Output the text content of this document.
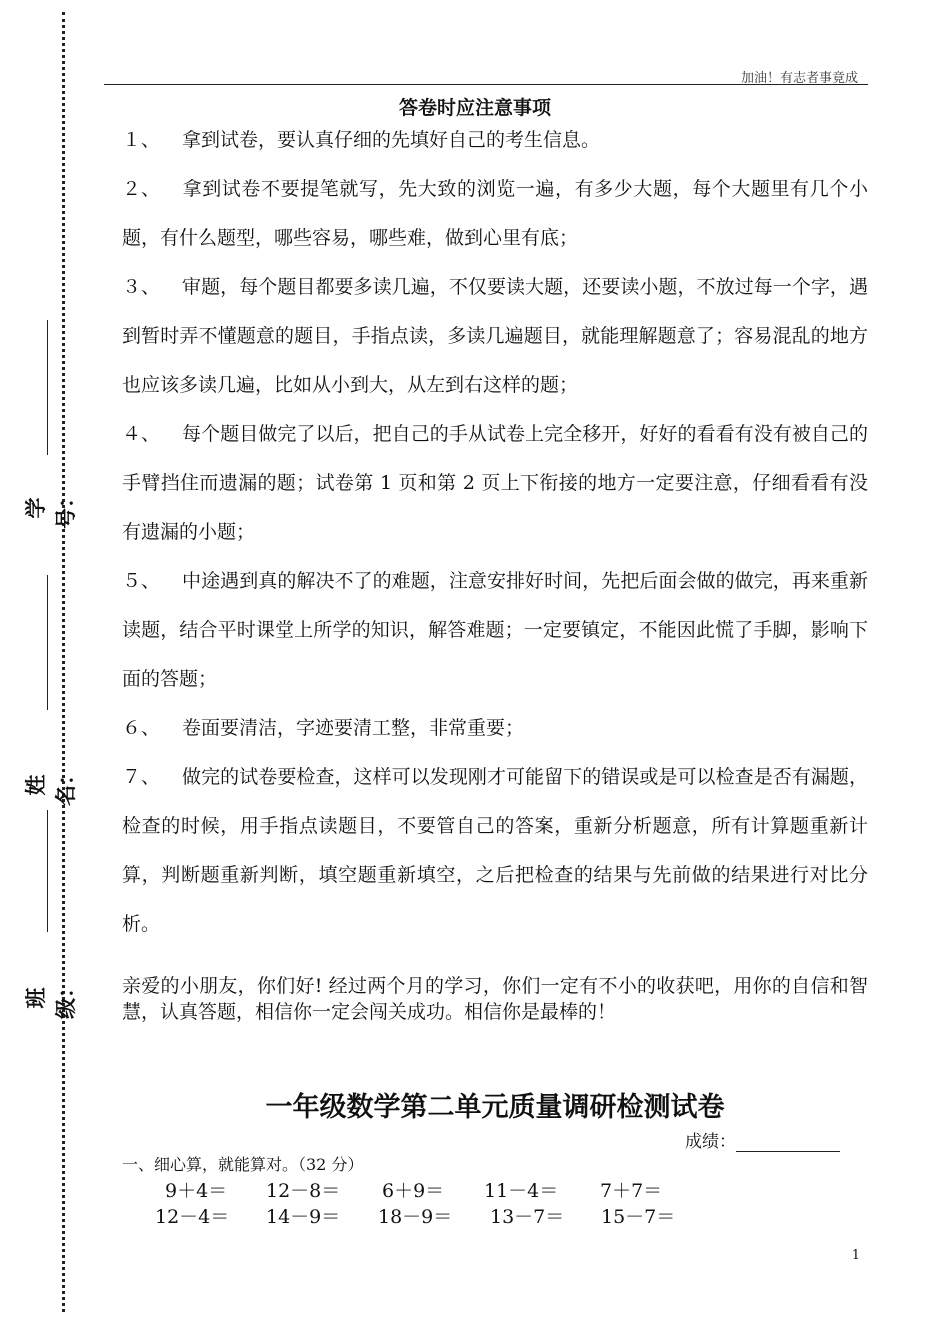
学号：
姓名：
班级：
加油！有志者事竟成
答卷时应注意事项

１、 拿到试卷，要认真仔细的先填好自己的考生信息。

２、 拿到试卷不要提笔就写，先大致的浏览一遍，有多少大题，每个大题里有几个小题，有什么题型，哪些容易，哪些难，做到心里有底；

３、 审题，每个题目都要多读几遍，不仅要读大题，还要读小题，不放过每一个字，遇到暂时弄不懂题意的题目，手指点读，多读几遍题目，就能理解题意了；容易混乱的地方也应该多读几遍，比如从小到大，从左到右这样的题；

４、 每个题目做完了以后，把自己的手从试卷上完全移开，好好的看看有没有被自己的手臂挡住而遗漏的题；试卷第 1 页和第 2 页上下衔接的地方一定要注意，仔细看看有没有遗漏的小题；

５、 中途遇到真的解决不了的难题，注意安排好时间，先把后面会做的做完，再来重新读题，结合平时课堂上所学的知识，解答难题；一定要镇定，不能因此慌了手脚，影响下面的答题；

６、 卷面要清洁，字迹要清工整，非常重要；

７、 做完的试卷要检查，这样可以发现刚才可能留下的错误或是可以检查是否有漏题，检查的时候，用手指点读题目，不要管自己的答案，重新分析题意，所有计算题重新计算，判断题重新判断，填空题重新填空，之后把检查的结果与先前做的结果进行对比分析。

亲爱的小朋友，你们好! 经过两个月的学习，你们一定有不小的收获吧，用你的自信和智慧，认真答题，相信你一定会闯关成功。相信你是最棒的！

一年级数学第二单元质量调研检测试卷
成绩：
一、细心算，就能算对。（32 分）
9＋4＝ 12－8＝ 6＋9＝ 11－4＝ 7＋7＝
12－4＝ 14－9＝ 18－9＝ 13－7＝ 15－7＝
1
